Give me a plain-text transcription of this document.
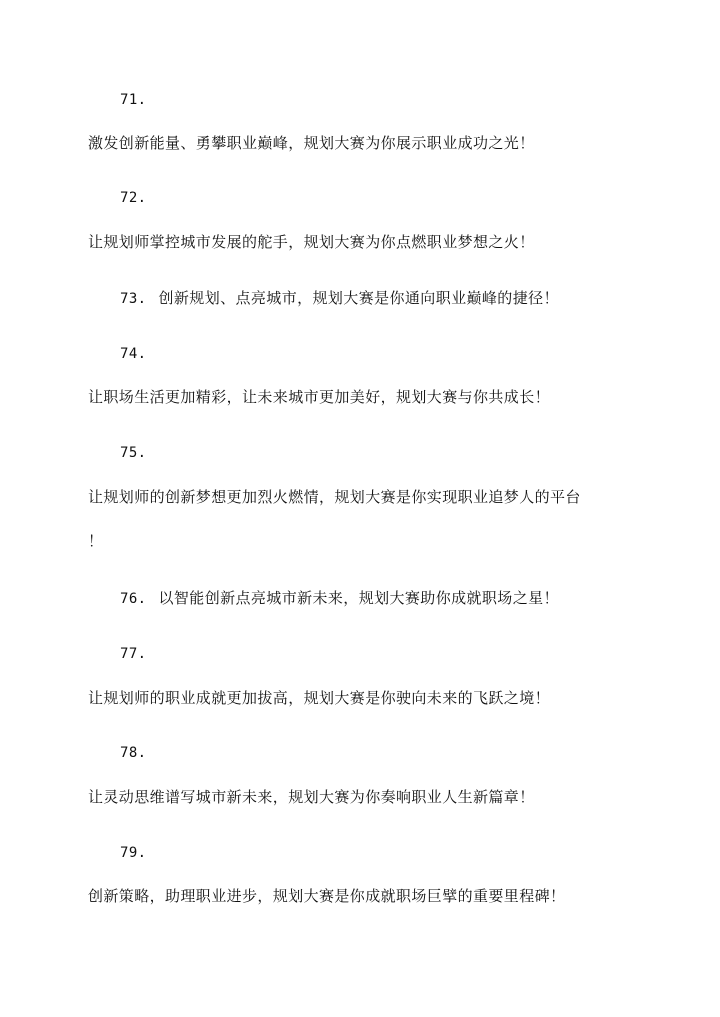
71.
激发创新能量、勇攀职业巅峰，规划大赛为你展示职业成功之光！
72.
让规划师掌控城市发展的舵手，规划大赛为你点燃职业梦想之火！
73. 创新规划、点亮城市，规划大赛是你通向职业巅峰的捷径！
74.
让职场生活更加精彩，让未来城市更加美好，规划大赛与你共成长！
75.
让规划师的创新梦想更加烈火燃情，规划大赛是你实现职业追梦人的平台
！
76. 以智能创新点亮城市新未来，规划大赛助你成就职场之星！
77.
让规划师的职业成就更加拔高，规划大赛是你驶向未来的飞跃之境！
78.
让灵动思维谱写城市新未来，规划大赛为你奏响职业人生新篇章！
79.
创新策略，助理职业进步，规划大赛是你成就职场巨擘的重要里程碑！
